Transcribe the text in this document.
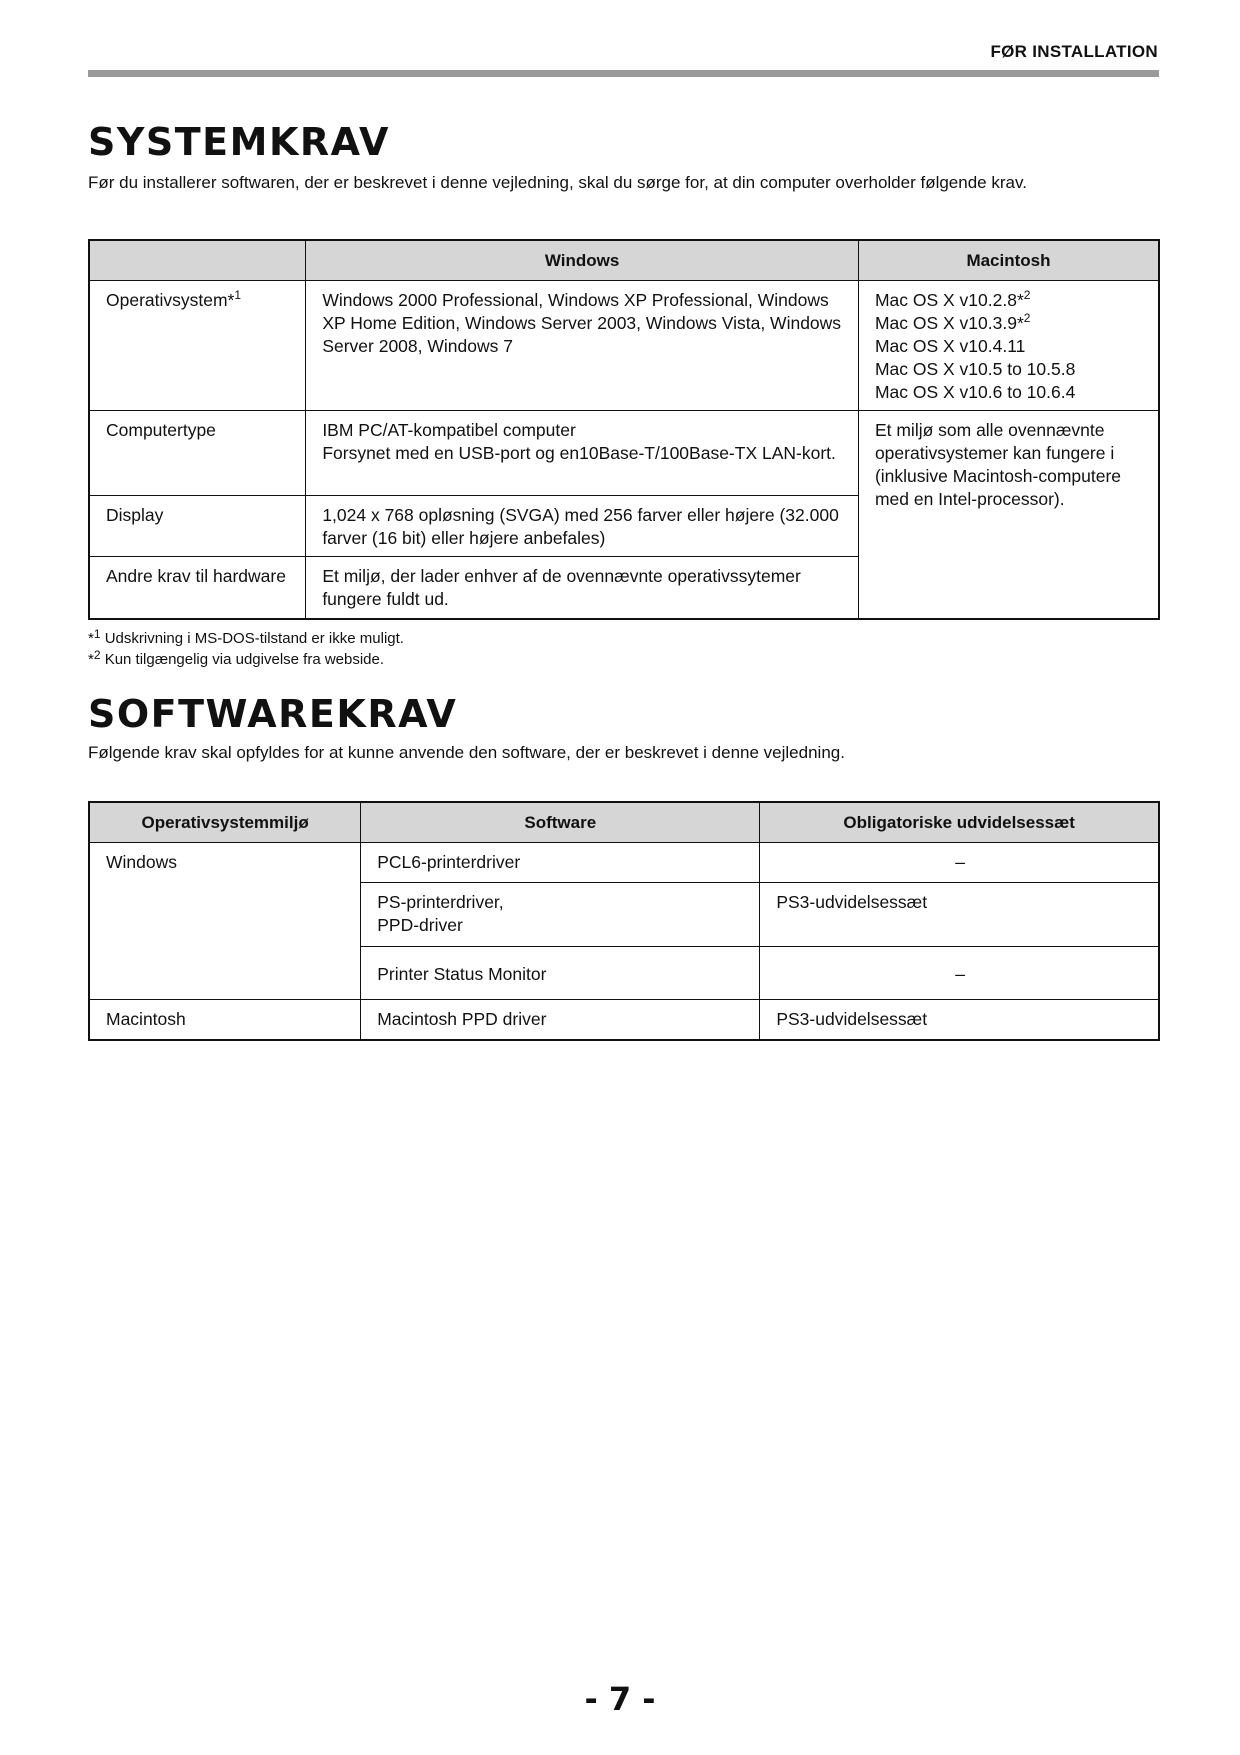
FØR INSTALLATION
SYSTEMKRAV

Før du installerer softwaren, der er beskrevet i denne vejledning, skal du sørge for, at din computer overholder følgende krav.

	Windows	Macintosh
Operativsystem*$^1$	Windows 2000 Professional, Windows XP Professional, Windows XP Home Edition, Windows Server 2003, Windows Vista, Windows Server 2008, Windows 7	Mac OS X v10.2.8*$^2$
Mac OS X v10.3.9*$^2$
Mac OS X v10.4.11
Mac OS X v10.5 to 10.5.8
Mac OS X v10.6 to 10.6.4

Computertype	IBM PC/AT-kompatibel computer
Forsynet med en USB-port og en10Base-T/100Base-TX LAN-kort.	Et miljø som alle ovennævnte operativsystemer kan fungere i (inklusive Macintosh-computere med en Intel-processor).
Display	1,024 x 768 opløsning (SVGA) med 256 farver eller højere (32.000 farver (16 bit) eller højere anbefales)	
Andre krav til hardware	Et miljø, der lader enhver af de ovennævnte operativssytemer fungere fuldt ud.	
*$^1$ Udskrivning i MS-DOS-tilstand er ikke muligt.
*$^2$ Kun tilgængelig via udgivelse fra webside.
SOFTWAREKRAV

Følgende krav skal opfyldes for at kunne anvende den software, der er beskrevet i denne vejledning.

Operativsystemmiljø	Software	Obligatoriske udvidelsessæt
Windows	PCL6-printerdriver	–

	PS-printerdriver,
PPD-driver	PS3-udvidelsessæt
	Printer Status Monitor	–
Macintosh	Macintosh PPD driver	PS3-udvidelsessæt
- 7 -
